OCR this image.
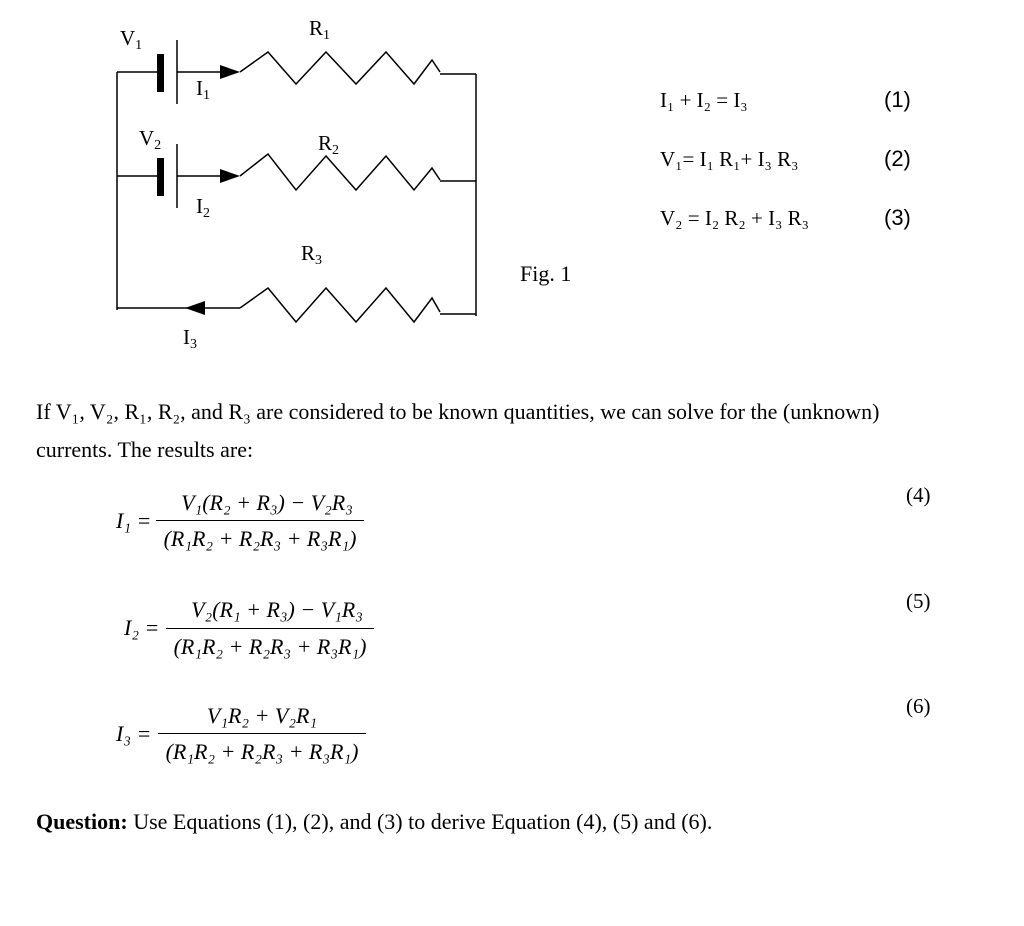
V1
R1
I1
V2	R2
I2
R3
I3
Fig. 1
I₁ + I₂ = I₃	(1)
V₁= I₁ R₁+ I₃ R₃	(2)
V₂ = I₂ R₂ + I₃ R₃	(3)
If V₁, V₂, R₁, R₂, and R₃ are considered to be known quantities, we can solve for the (unknown) currents. The results are:
I₁ =
V₁(R₂ + R₃) − V₂R₃
(R₁R₂ + R₂R₃ + R₃R₁)
(4)
I₂ =
V₂(R₁ + R₃) − V₁R₃
(R₁R₂ + R₂R₃ + R₃R₁)
(5)
I₃ =
V₁R₂ + V₂R₁
(R₁R₂ + R₂R₃ + R₃R₁)
(6)
Question: Use Equations (1), (2), and (3) to derive Equation (4), (5) and (6).
